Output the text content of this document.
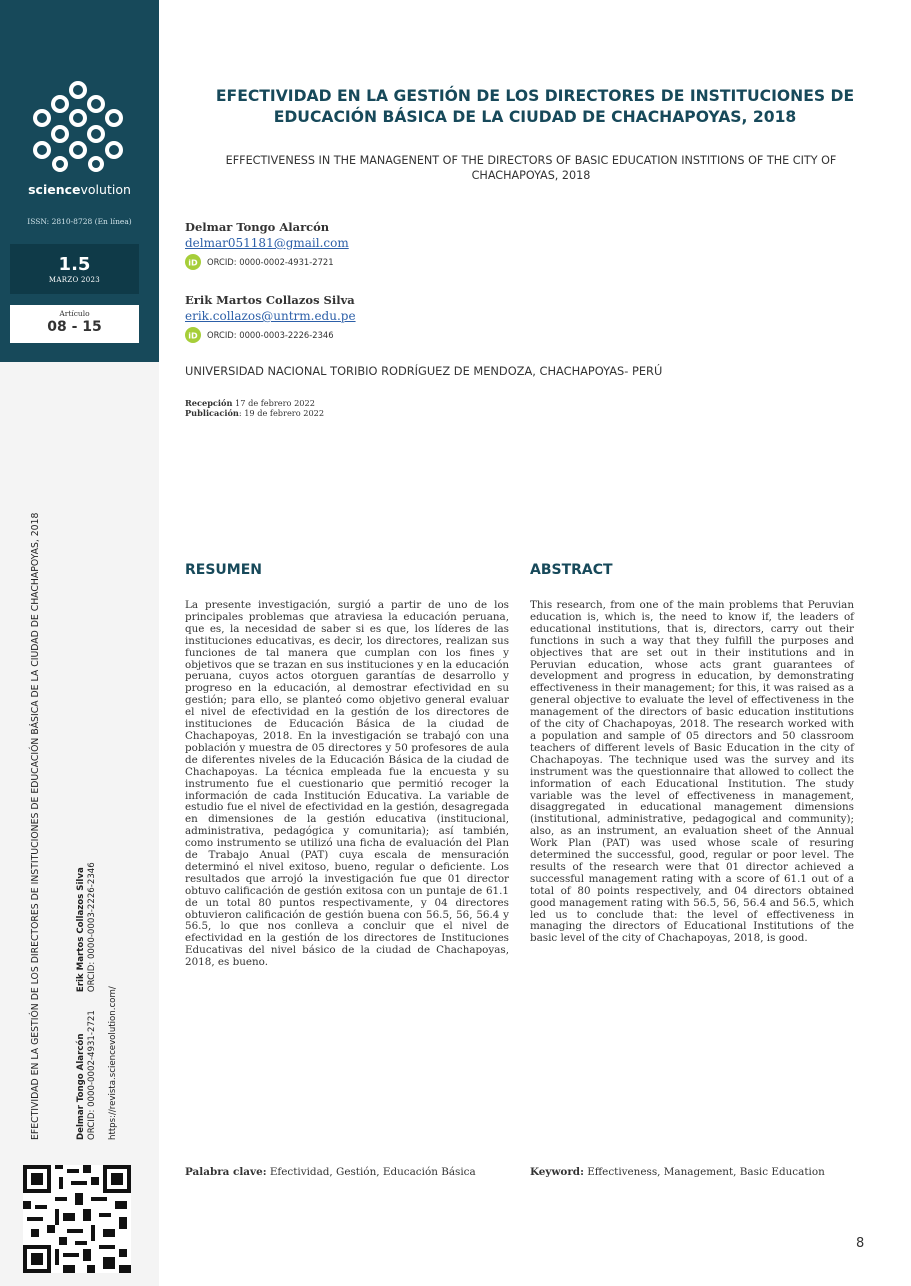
sciencevolution
ISSN: 2810-8728 (En línea)
1.5
MARZO 2023
Artículo
08 - 15
EFECTIVIDAD EN LA GESTIÓN DE LOS DIRECTORES DE INSTITUCIONES DE EDUCACIÓN BÁSICA DE LA CIUDAD DE CHACHAPOYAS, 2018	Delmar Tongo Alarcón ORCID: 0000-0002-4931-2721
Erik Martos Collazos Silva ORCID: 0000-0003-2226-2346
https://revista.sciencevolution.com/
EFECTIVIDAD EN LA GESTIÓN DE LOS DIRECTORES DE INSTITUCIONES DE EDUCACIÓN BÁSICA DE LA CIUDAD DE CHACHAPOYAS, 2018
EFFECTIVENESS IN THE MANAGENENT OF THE DIRECTORS OF BASIC EDUCATION INSTITIONS OF THE CITY OF CHACHAPOYAS, 2018
Delmar Tongo Alarcón
delmar051181@gmail.com
iD ORCID: 0000-0002-4931-2721
Erik Martos Collazos Silva
erik.collazos@untrm.edu.pe
iD ORCID: 0000-0003-2226-2346
UNIVERSIDAD NACIONAL TORIBIO RODRÍGUEZ DE MENDOZA, CHACHAPOYAS- PERÚ
Recepción 17 de febrero 2022
Publicación: 19 de febrero 2022
RESUMEN
La presente investigación, surgió a partir de uno de los principales problemas que atraviesa la educación peruana, que es, la necesidad de saber si es que, los líderes de las instituciones educativas, es decir, los directores, realizan sus funciones de tal manera que cumplan con los fines y objetivos que se trazan en sus instituciones y en la educación peruana, cuyos actos otorguen garantías de desarrollo y progreso en la educación, al demostrar efectividad en su gestión; para ello, se planteó como objetivo general evaluar el nivel de efectividad en la gestión de los directores de instituciones de Educación Básica de la ciudad de Chachapoyas, 2018. En la investigación se trabajó con una población y muestra de 05 directores y 50 profesores de aula de diferentes niveles de la Educación Básica de la ciudad de Chachapoyas. La técnica empleada fue la encuesta y su instrumento fue el cuestionario que permitió recoger la información de cada Institución Educativa. La variable de estudio fue el nivel de efectividad en la gestión, desagregada en dimensiones de la gestión educativa (institucional, administrativa, pedagógica y comunitaria); así también, como instrumento se utilizó una ficha de evaluación del Plan de Trabajo Anual (PAT) cuya escala de mensuración determinó el nivel exitoso, bueno, regular o deficiente. Los resultados que arrojó la investigación fue que 01 director obtuvo calificación de gestión exitosa con un puntaje de 61.1 de un total 80 puntos respectivamente, y 04 directores obtuvieron calificación de gestión buena con 56.5, 56, 56.4 y 56.5, lo que nos conlleva a concluir que el nivel de efectividad en la gestión de los directores de Instituciones Educativas del nivel básico de la ciudad de Chachapoyas, 2018, es bueno.
ABSTRACT
This research, from one of the main problems that Peruvian education is, which is, the need to know if, the leaders of educational institutions, that is, directors, carry out their functions in such a way that they fulfill the purposes and objectives that are set out in their institutions and in Peruvian education, whose acts grant guarantees of development and progress in education, by demonstrating effectiveness in their management; for this, it was raised as a general objective to evaluate the level of effectiveness in the management of the directors of basic education institutions of the city of Chachapoyas, 2018. The research worked with a population and sample of 05 directors and 50 classroom teachers of different levels of Basic Education in the city of Chachapoyas. The technique used was the survey and its instrument was the questionnaire that allowed to collect the information of each Educational Institution. The study variable was the level of effectiveness in management, disaggregated in educational management dimensions (institutional, administrative, pedagogical and community); also, as an instrument, an evaluation sheet of the Annual Work Plan (PAT) was used whose scale of resuring determined the successful, good, regular or poor level. The results of the research were that 01 director achieved a successful management rating with a score of 61.1 out of a total of 80 points respectively, and 04 directors obtained good management rating with 56.5, 56, 56.4 and 56.5, which led us to conclude that: the level of effectiveness in managing the directors of Educational Institutions of the basic level of the city of Chachapoyas, 2018, is good.
Palabra clave: Efectividad, Gestión, Educación Básica	Keyword: Effectiveness, Management, Basic Education
8
